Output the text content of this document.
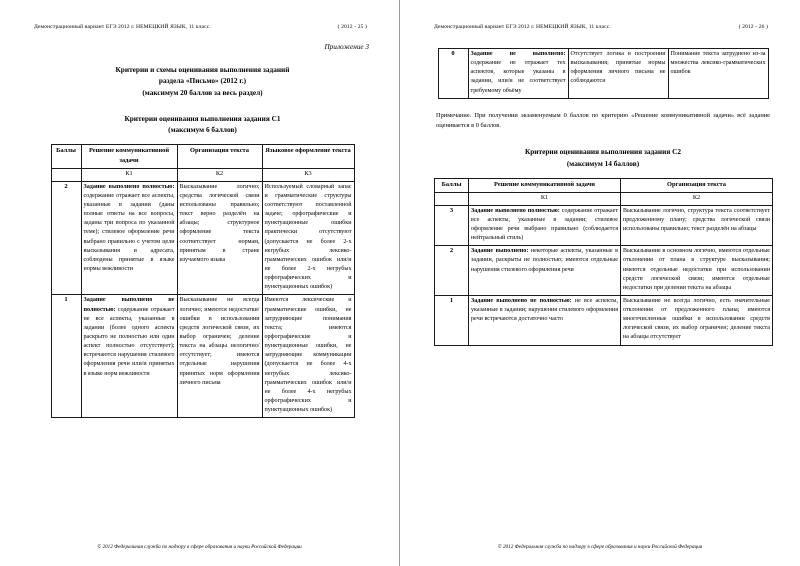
Демонстрационный вариант ЕГЭ 2012 г. НЕМЕЦКИЙ ЯЗЫК, 11 класс.	( 2012 - 25 )
Приложение 3
Критерии и схемы оценивания выполнения заданий
раздела «Письмо» (2012 г.)
(максимум 20 баллов за весь раздел)
Критерии оценивания выполнения задания С1
(максимум 6 баллов)
Баллы	Решение коммуникативной задачи	Организация текста	Языковое оформление текста
	К1	К2	К3
2	Задание выполнено полностью: содержание отражает все аспекты, указанные в задании (даны полные ответы на все вопросы, заданы три вопроса по указанной теме); стилевое оформление речи выбрано правильно с учетом цели высказывания и адресата, соблюдены принятые в языке нормы вежливости	Высказывание логично; средства логической связи использованы правильно; текст верно разделён на абзацы; структурное оформление текста соответствует нормам, принятым в стране изучаемого языка	Используемый словарный запас и грамматические структуры соответствуют поставленной задаче; орфографические и пунктуационные ошибки практически отсутствуют (допускается не более 2-х негрубых лексико-грамматических ошибок или/и не более 2-х негрубых орфографических и пунктуационных ошибок)
1	Задание выполнено не полностью: содержание отражает не все аспекты, указанные в задании (более одного аспекта раскрыто не полностью или один аспект полностью отсутствует); встречаются нарушения стилевого оформления речи или/и принятых в языке норм вежливости	Высказывание не всегда логично; имеются недостатки/ошибки в использовании средств логической связи, их выбор ограничен; деление текста на абзацы нелогично/отсутствует; имеются отдельные нарушения принятых норм оформления личного письма	Имеются лексические и грамматические ошибки, не затрудняющие понимания текста; имеются орфографические и пунктуационные ошибки, не затрудняющие коммуникации (допускается не более 4-х негрубых лексико-грамматических ошибок или/и не более 4-х негрубых орфографических и пунктуационных ошибок)
© 2012 Федеральная служба по надзору в сфере образования и науки Российской Федерации
Демонстрационный вариант ЕГЭ 2012 г. НЕМЕЦКИЙ ЯЗЫК, 11 класс.	( 2012 - 26 )
0	Задание не выполнено: содержание не отражает тех аспектов, которые указаны в задании, или/и не соответствует требуемому объёму	Отсутствует логика в построении высказывания; принятые нормы оформления личного письма не соблюдаются	Понимание текста затруднено из-за множества лексико-грамматических ошибок
Примечание. При получении экзаменуемым 0 баллов по критерию «Решение коммуникативной задачи» всё задание оценивается в 0 баллов.
Критерии оценивания выполнения задания С2
(максимум 14 баллов)
Баллы	Решение коммуникативной задачи	Организация текста
	К1	К2
3	Задание выполнено полностью: содержание отражает все аспекты, указанные в задании; стилевое оформление речи выбрано правильно (соблюдается нейтральный стиль)	Высказывание логично, структура текста соответствует предложенному плану; средства логической связи использованы правильно; текст разделён на абзацы
2	Задание выполнено: некоторые аспекты, указанные в задании, раскрыты не полностью; имеются отдельные нарушения стилевого оформления речи	Высказывание в основном логично, имеются отдельные отклонения от плана в структуре высказывания; имеются отдельные недостатки при использовании средств логической связи; имеются отдельные недостатки при делении текста на абзацы
1	Задание выполнено не полностью: не все аспекты, указанные в задании; нарушения стилевого оформления речи встречаются достаточно часто	Высказывание не всегда логично, есть значительные отклонения от предложенного плана; имеются многочисленные ошибки в использовании средств логической связи, их выбор ограничен; деление текста на абзацы отсутствует
© 2012 Федеральная служба по надзору в сфере образования и науки Российской Федерации
